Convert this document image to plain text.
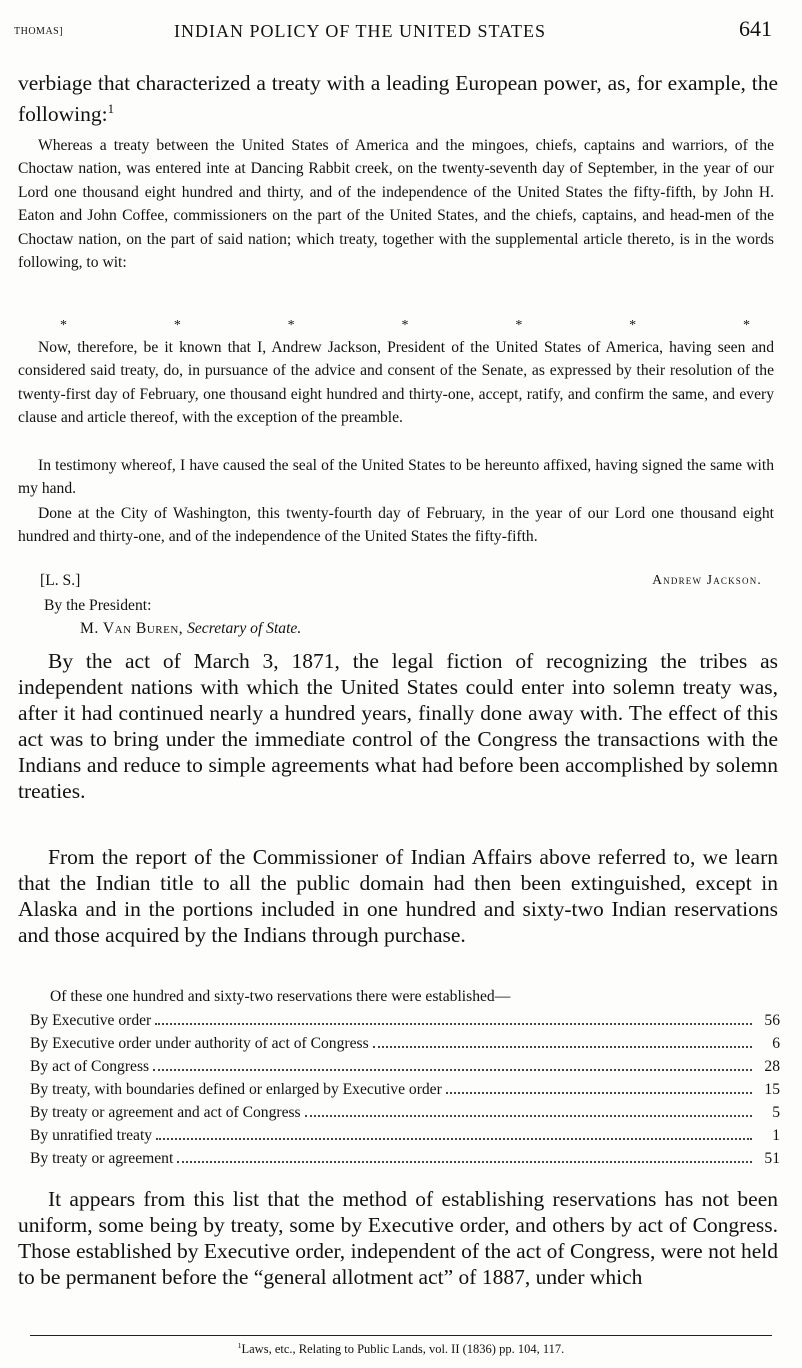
THOMAS]	INDIAN POLICY OF THE UNITED STATES	641
verbiage that characterized a treaty with a leading European power, as, for example, the following:$^1$
Whereas a treaty between the United States of America and the mingoes, chiefs, captains and warriors, of the Choctaw nation, was entered inte at Dancing Rabbit creek, on the twenty-seventh day of September, in the year of our Lord one thousand eight hundred and thirty, and of the independence of the United States the fifty-fifth, by John H. Eaton and John Coffee, commissioners on the part of the United States, and the chiefs, captains, and head-men of the Choctaw nation, on the part of said nation; which treaty, together with the supplemental article thereto, is in the words following, to wit:
*	*	*	*	*	*	*
Now, therefore, be it known that I, Andrew Jackson, President of the United States of America, having seen and considered said treaty, do, in pursuance of the advice and consent of the Senate, as expressed by their resolution of the twenty-first day of February, one thousand eight hundred and thirty-one, accept, ratify, and confirm the same, and every clause and article thereof, with the exception of the preamble.
In testimony whereof, I have caused the seal of the United States to be hereunto affixed, having signed the same with my hand.
Done at the City of Washington, this twenty-fourth day of February, in the year of our Lord one thousand eight hundred and thirty-one, and of the independence of the United States the fifty-fifth.
[L. S.]	Andrew Jackson.
By the President:
M. Van Buren, Secretary of State.
By the act of March 3, 1871, the legal fiction of recognizing the tribes as independent nations with which the United States could enter into solemn treaty was, after it had continued nearly a hundred years, finally done away with. The effect of this act was to bring under the immediate control of the Congress the transactions with the Indians and reduce to simple agreements what had before been accomplished by solemn treaties.
From the report of the Commissioner of Indian Affairs above referred to, we learn that the Indian title to all the public domain had then been extinguished, except in Alaska and in the portions included in one hundred and sixty-two Indian reservations and those acquired by the Indians through purchase.
Of these one hundred and sixty-two reservations there were established—
By Executive order	56
By Executive order under authority of act of Congress	6
By act of Congress	28
By treaty, with boundaries defined or enlarged by Executive order	15
By treaty or agreement and act of Congress	5
By unratified treaty	1
By treaty or agreement	51
It appears from this list that the method of establishing reservations has not been uniform, some being by treaty, some by Executive order, and others by act of Congress. Those established by Executive order, independent of the act of Congress, were not held to be permanent before the “general allotment act” of 1887, under which
$^1$Laws, etc., Relating to Public Lands, vol. II (1836) pp. 104, 117.
